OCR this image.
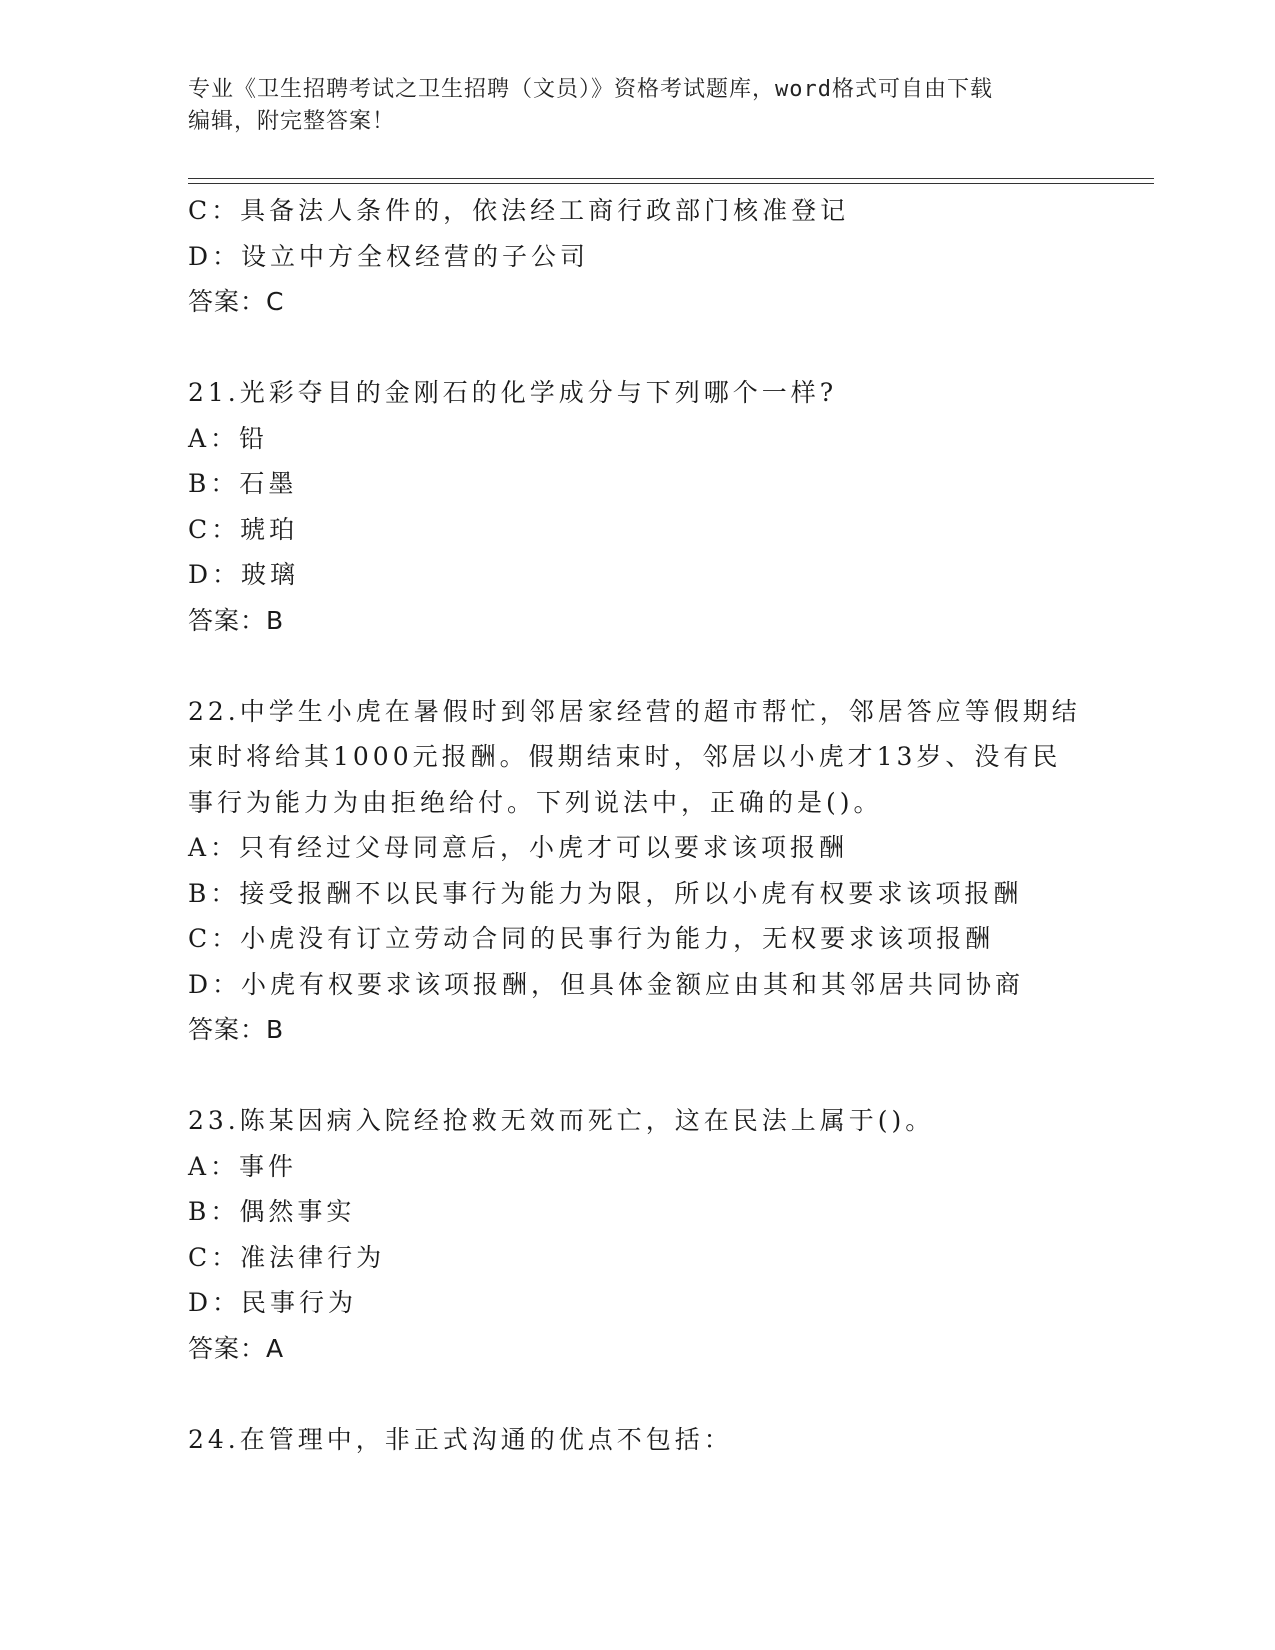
专业《卫生招聘考试之卫生招聘（文员）》资格考试题库，word格式可自由下载
编辑，附完整答案！
C：具备法人条件的，依法经工商行政部门核准登记
D：设立中方全权经营的子公司
答案：C
21.光彩夺目的金刚石的化学成分与下列哪个一样?
A：铅
B：石墨
C：琥珀
D：玻璃
答案：B
22.中学生小虎在暑假时到邻居家经营的超市帮忙，邻居答应等假期结
束时将给其1000元报酬。假期结束时，邻居以小虎才13岁、没有民
事行为能力为由拒绝给付。下列说法中，正确的是()。
A：只有经过父母同意后，小虎才可以要求该项报酬
B：接受报酬不以民事行为能力为限，所以小虎有权要求该项报酬
C：小虎没有订立劳动合同的民事行为能力，无权要求该项报酬
D：小虎有权要求该项报酬，但具体金额应由其和其邻居共同协商
答案：B
23.陈某因病入院经抢救无效而死亡，这在民法上属于()。
A：事件
B：偶然事实
C：准法律行为
D：民事行为
答案：A
24.在管理中，非正式沟通的优点不包括：
